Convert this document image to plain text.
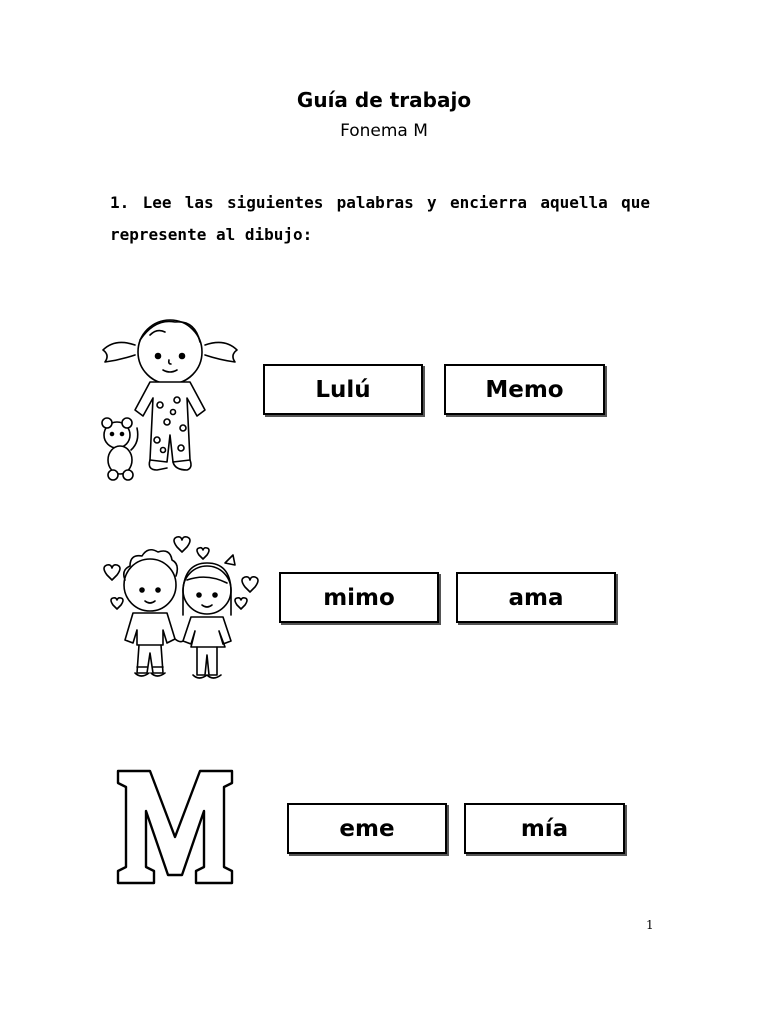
Guía de trabajo
Fonema M
1. Lee las siguientes palabras y encierra aquella que represente al dibujo:
Lulú	Memo
mimo	ama
eme	mía
1
